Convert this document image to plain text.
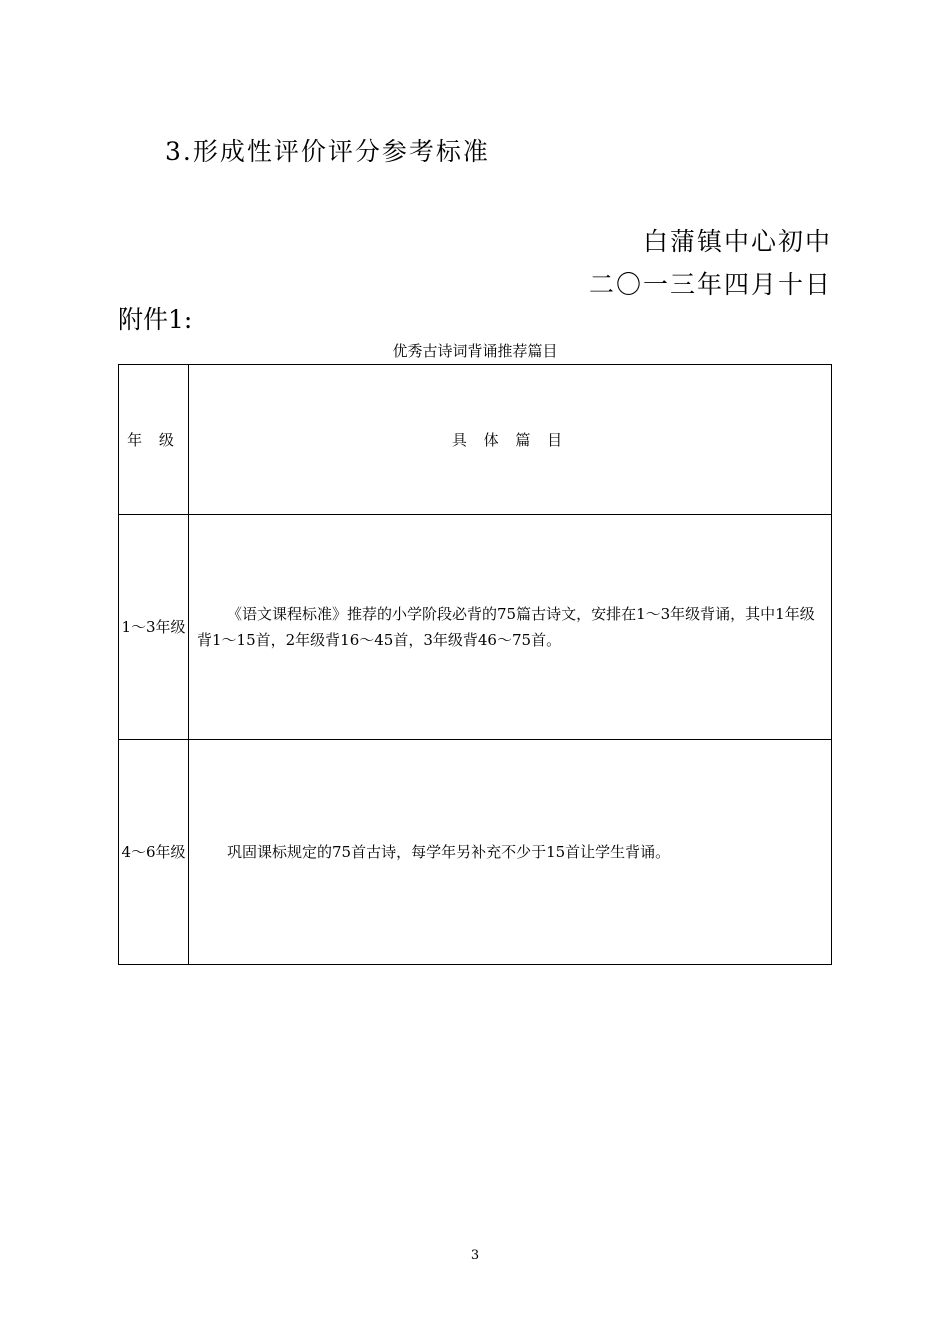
3.形成性评价评分参考标准
白蒲镇中心初中
二〇一三年四月十日
附件1:
优秀古诗词背诵推荐篇目
年 级	具 体 篇 目
1～3年级	《语文课程标准》推荐的小学阶段必背的75篇古诗文，安排在1～3年级背诵，其中1年级背1～15首，2年级背16～45首，3年级背46～75首。
4～6年级	巩固课标规定的75首古诗，每学年另补充不少于15首让学生背诵。
3
